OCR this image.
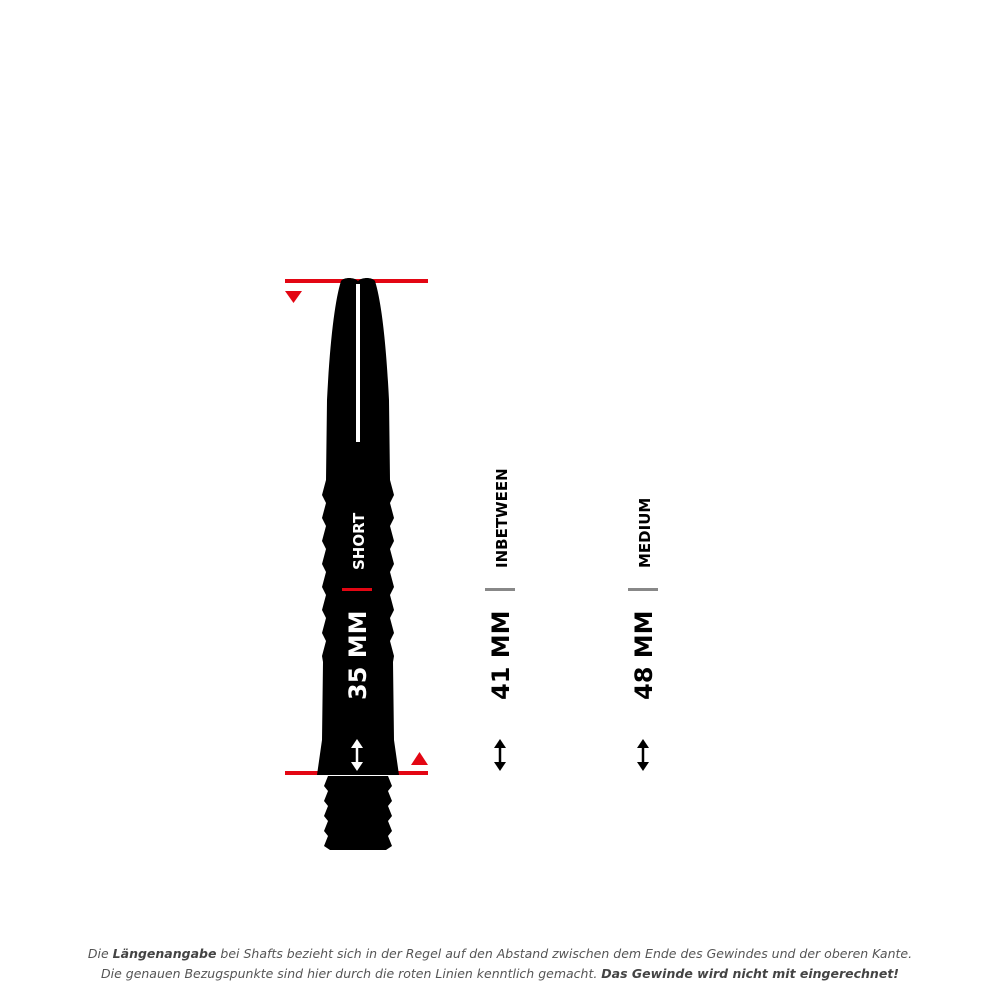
SHORT
35 MM
INBETWEEN
41 MM
MEDIUM
48 MM
Die Längenangabe bei Shafts bezieht sich in der Regel auf den Abstand zwischen dem Ende des Gewindes und der oberen Kante.
Die genauen Bezugspunkte sind hier durch die roten Linien kenntlich gemacht. Das Gewinde wird nicht mit eingerechnet!
